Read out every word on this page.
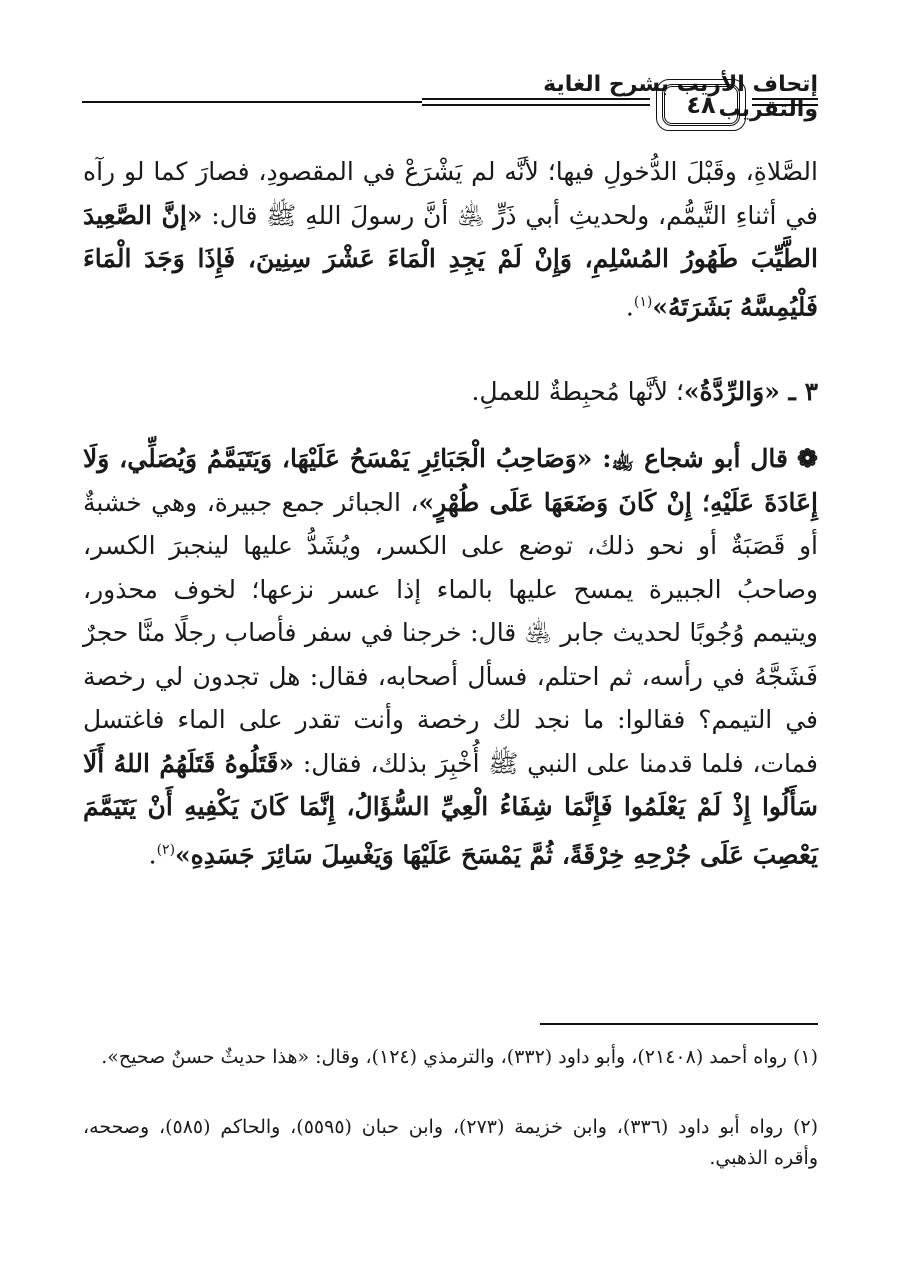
إتحاف الأريب بشرح الغاية والتقريب
٤٨
الصَّلاةِ، وقَبْلَ الدُّخولِ فيها؛ لأنَّه لم يَشْرَعْ في المقصودِ، فصارَ كما لو رآه في أثناءِ التَّيمُّم، ولحديثِ أبي ذَرٍّ ﵁ أنَّ رسولَ اللهِ ﷺ قال: «إنَّ الصَّعِيدَ الطَّيِّبَ طَهُورُ المُسْلِمِ، وَإِنْ لَمْ يَجِدِ الْمَاءَ عَشْرَ سِنِينَ، فَإِذَا وَجَدَ الْمَاءَ فَلْيُمِسَّهُ بَشَرَتَهُ»$^{(١)}$.
٣ ـ «وَالرِّدَّةُ»؛ لأنَّها مُحبِطةٌ للعملِ.
❁ قال أبو شجاع ﵀: «وَصَاحِبُ الْجَبَائِرِ يَمْسَحُ عَلَيْهَا، وَيَتَيَمَّمُ وَيُصَلِّي، وَلَا إِعَادَةَ عَلَيْهِ؛ إِنْ كَانَ وَضَعَهَا عَلَى طُهْرٍ»، الجبائر جمع جبيرة، وهي خشبةٌ أو قَصَبَةٌ أو نحو ذلك، توضع على الكسر، ويُشَدُّ عليها لينجبرَ الكسر، وصاحبُ الجبيرة يمسح عليها بالماء إذا عسر نزعها؛ لخوف محذور، ويتيمم وُجُوبًا لحديث جابر ﵁ قال: خرجنا في سفر فأصاب رجلًا منَّا حجرٌ فَشَجَّهُ في رأسه، ثم احتلم، فسأل أصحابه، فقال: هل تجدون لي رخصة في التيمم؟ فقالوا: ما نجد لك رخصة وأنت تقدر على الماء فاغتسل فمات، فلما قدمنا على النبي ﷺ أُخْبِرَ بذلك، فقال: «قَتَلُوهُ قَتَلَهُمُ اللهُ أَلَا سَأَلُوا إِذْ لَمْ يَعْلَمُوا فَإِنَّمَا شِفَاءُ الْعِيِّ السُّؤَالُ، إِنَّمَا كَانَ يَكْفِيهِ أَنْ يَتَيَمَّمَ يَعْصِبَ عَلَى جُرْحِهِ خِرْقَةً، ثُمَّ يَمْسَحَ عَلَيْهَا وَيَغْسِلَ سَائِرَ جَسَدِهِ»$^{(٢)}$.
(١) رواه أحمد (٢١٤٠٨)، وأبو داود (٣٣٢)، والترمذي (١٢٤)، وقال: «هذا حديثٌ حسنٌ صحيح».
(٢) رواه أبو داود (٣٣٦)، وابن خزيمة (٢٧٣)، وابن حبان (٥٥٩٥)، والحاكم (٥٨٥)، وصححه، وأقره الذهبي.
